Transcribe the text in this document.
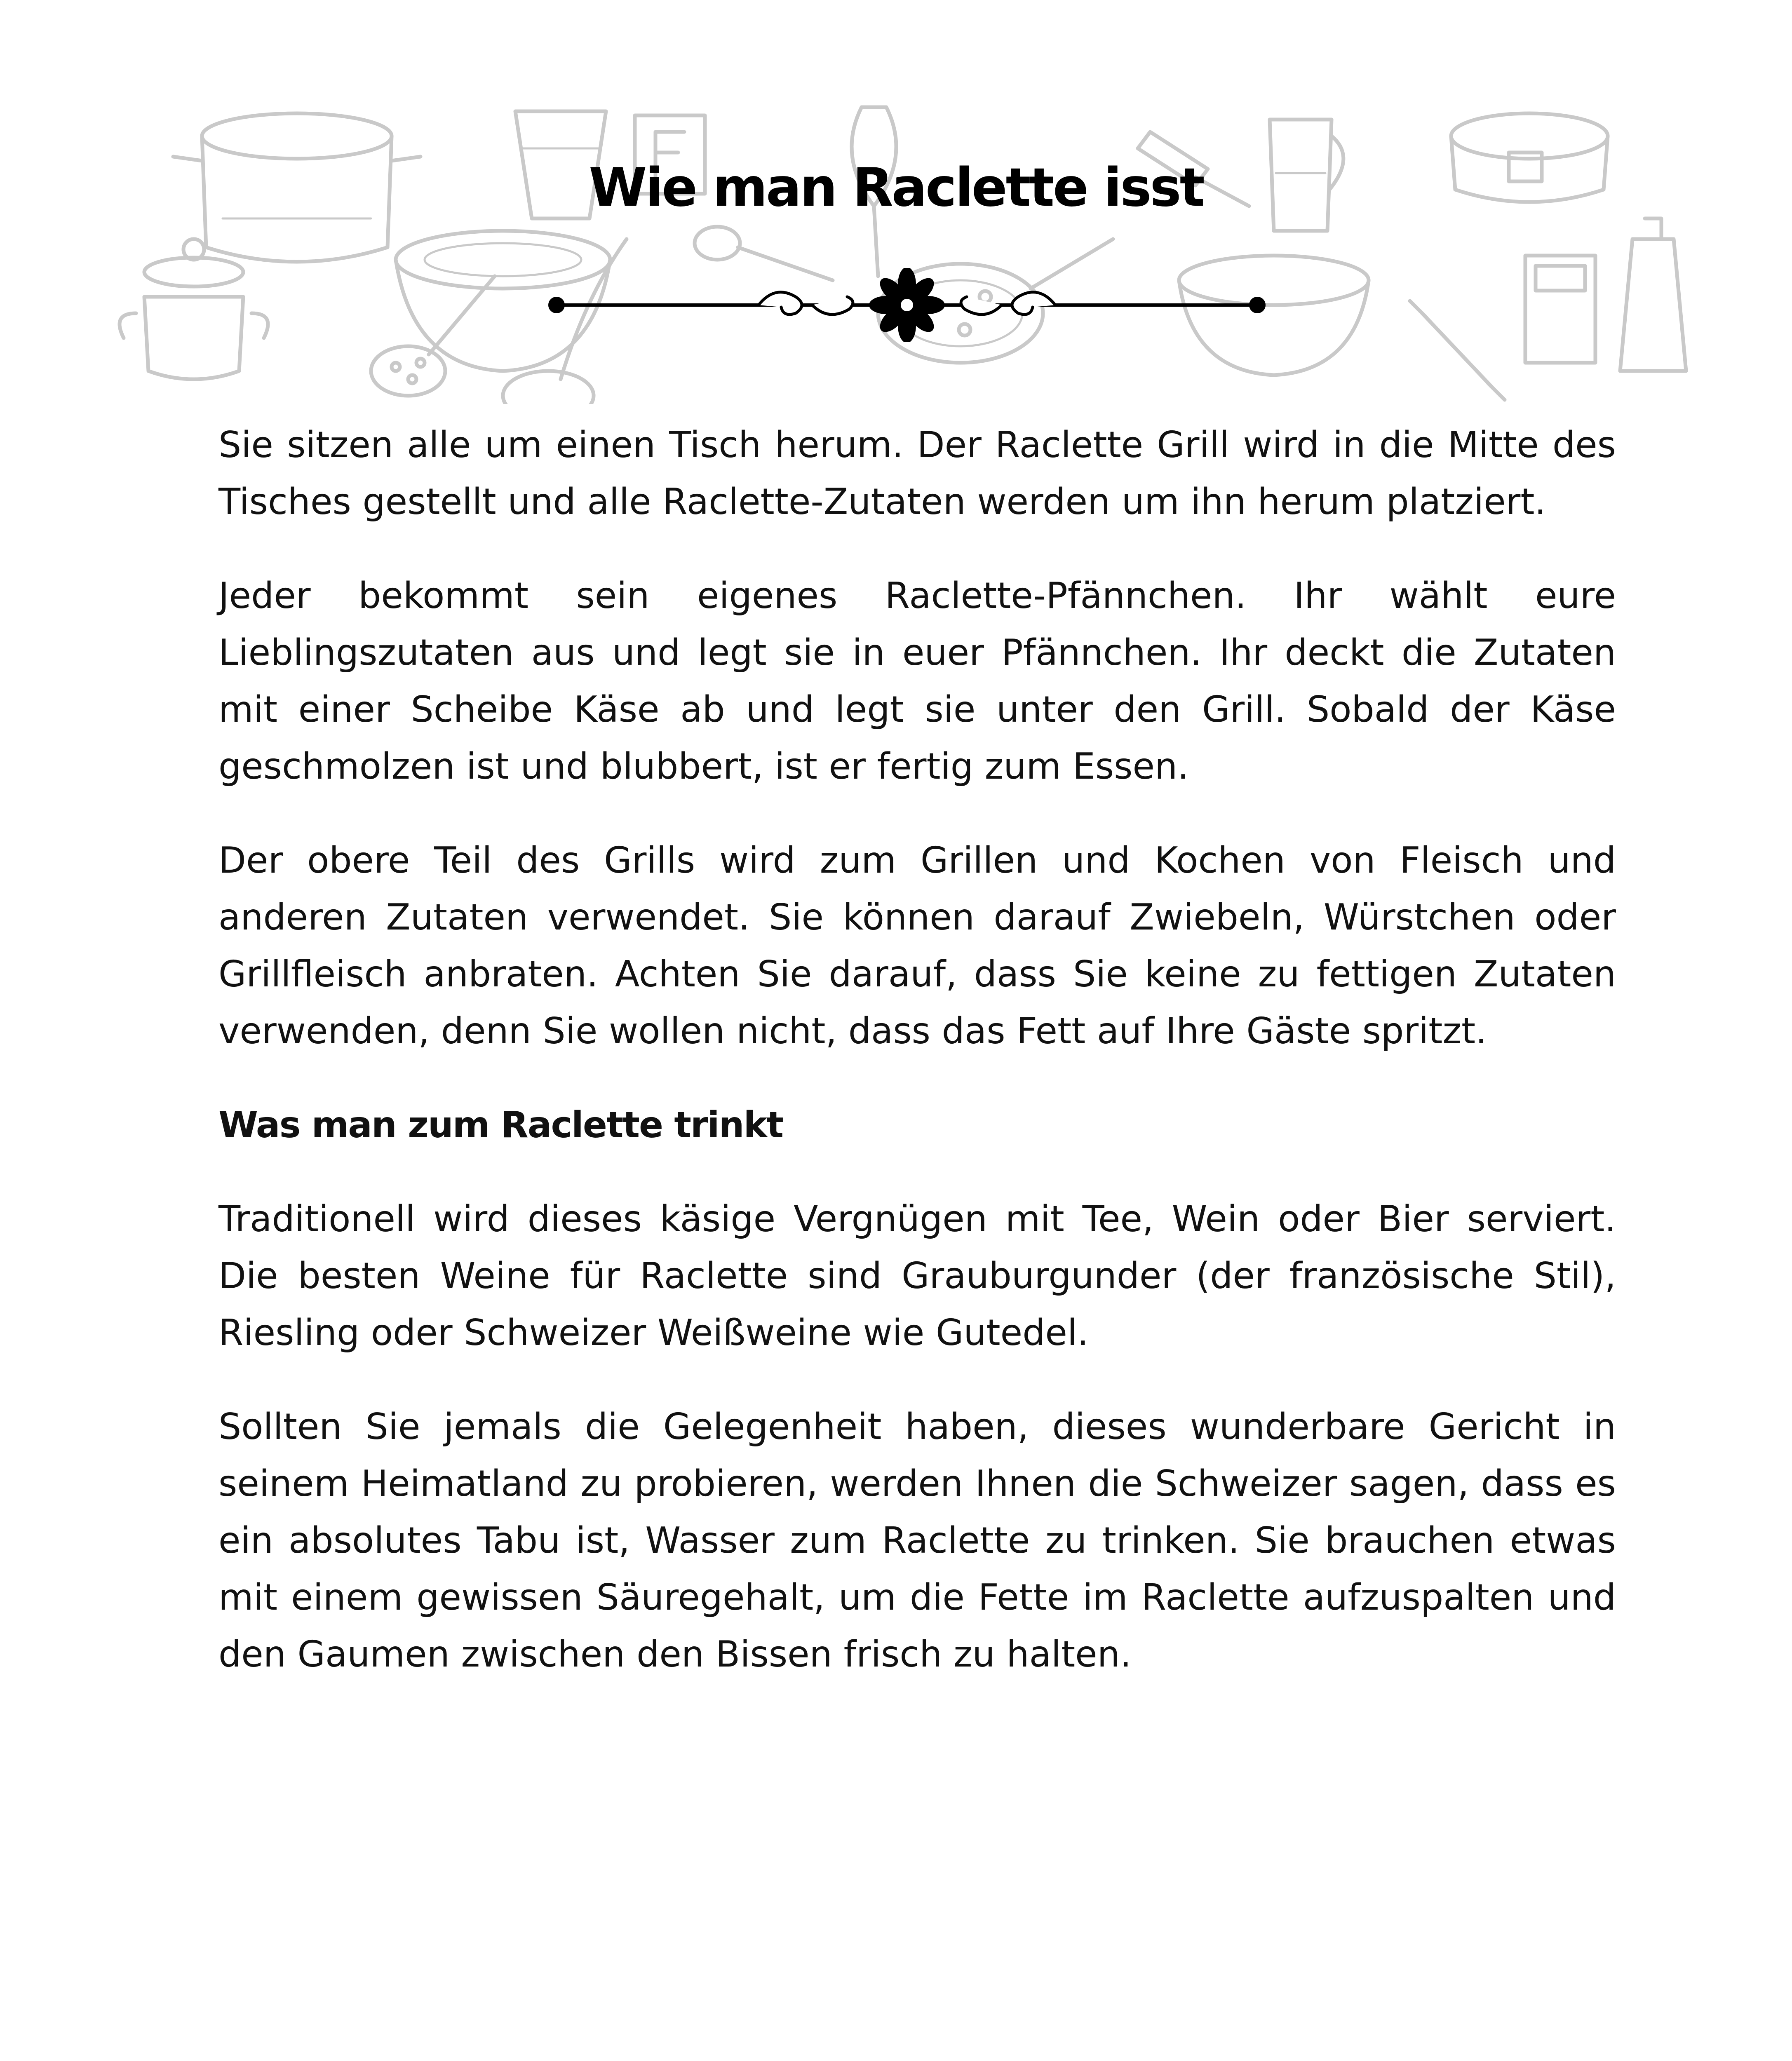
Wie man Raclette isst

Sie sitzen alle um einen Tisch herum. Der Raclette Grill wird in die Mitte des Tisches gestellt und alle Raclette-Zutaten werden um ihn herum platziert.

Jeder bekommt sein eigenes Raclette-Pfännchen. Ihr wählt eure Lieblingszutaten aus und legt sie in euer Pfännchen. Ihr deckt die Zutaten mit einer Scheibe Käse ab und legt sie unter den Grill. Sobald der Käse geschmolzen ist und blubbert, ist er fertig zum Essen.

Der obere Teil des Grills wird zum Grillen und Kochen von Fleisch und anderen Zutaten verwendet. Sie können darauf Zwiebeln, Würstchen oder Grillfleisch anbraten. Achten Sie darauf, dass Sie keine zu fettigen Zutaten verwenden, denn Sie wollen nicht, dass das Fett auf Ihre Gäste spritzt.

Was man zum Raclette trinkt

Traditionell wird dieses käsige Vergnügen mit Tee, Wein oder Bier serviert. Die besten Weine für Raclette sind Grauburgunder (der französische Stil), Riesling oder Schweizer Weißweine wie Gutedel.

Sollten Sie jemals die Gelegenheit haben, dieses wunderbare Gericht in seinem Heimatland zu probieren, werden Ihnen die Schweizer sagen, dass es ein absolutes Tabu ist, Wasser zum Raclette zu trinken. Sie brauchen etwas mit einem gewissen Säuregehalt, um die Fette im Raclette aufzuspalten und den Gaumen zwischen den Bissen frisch zu halten.
